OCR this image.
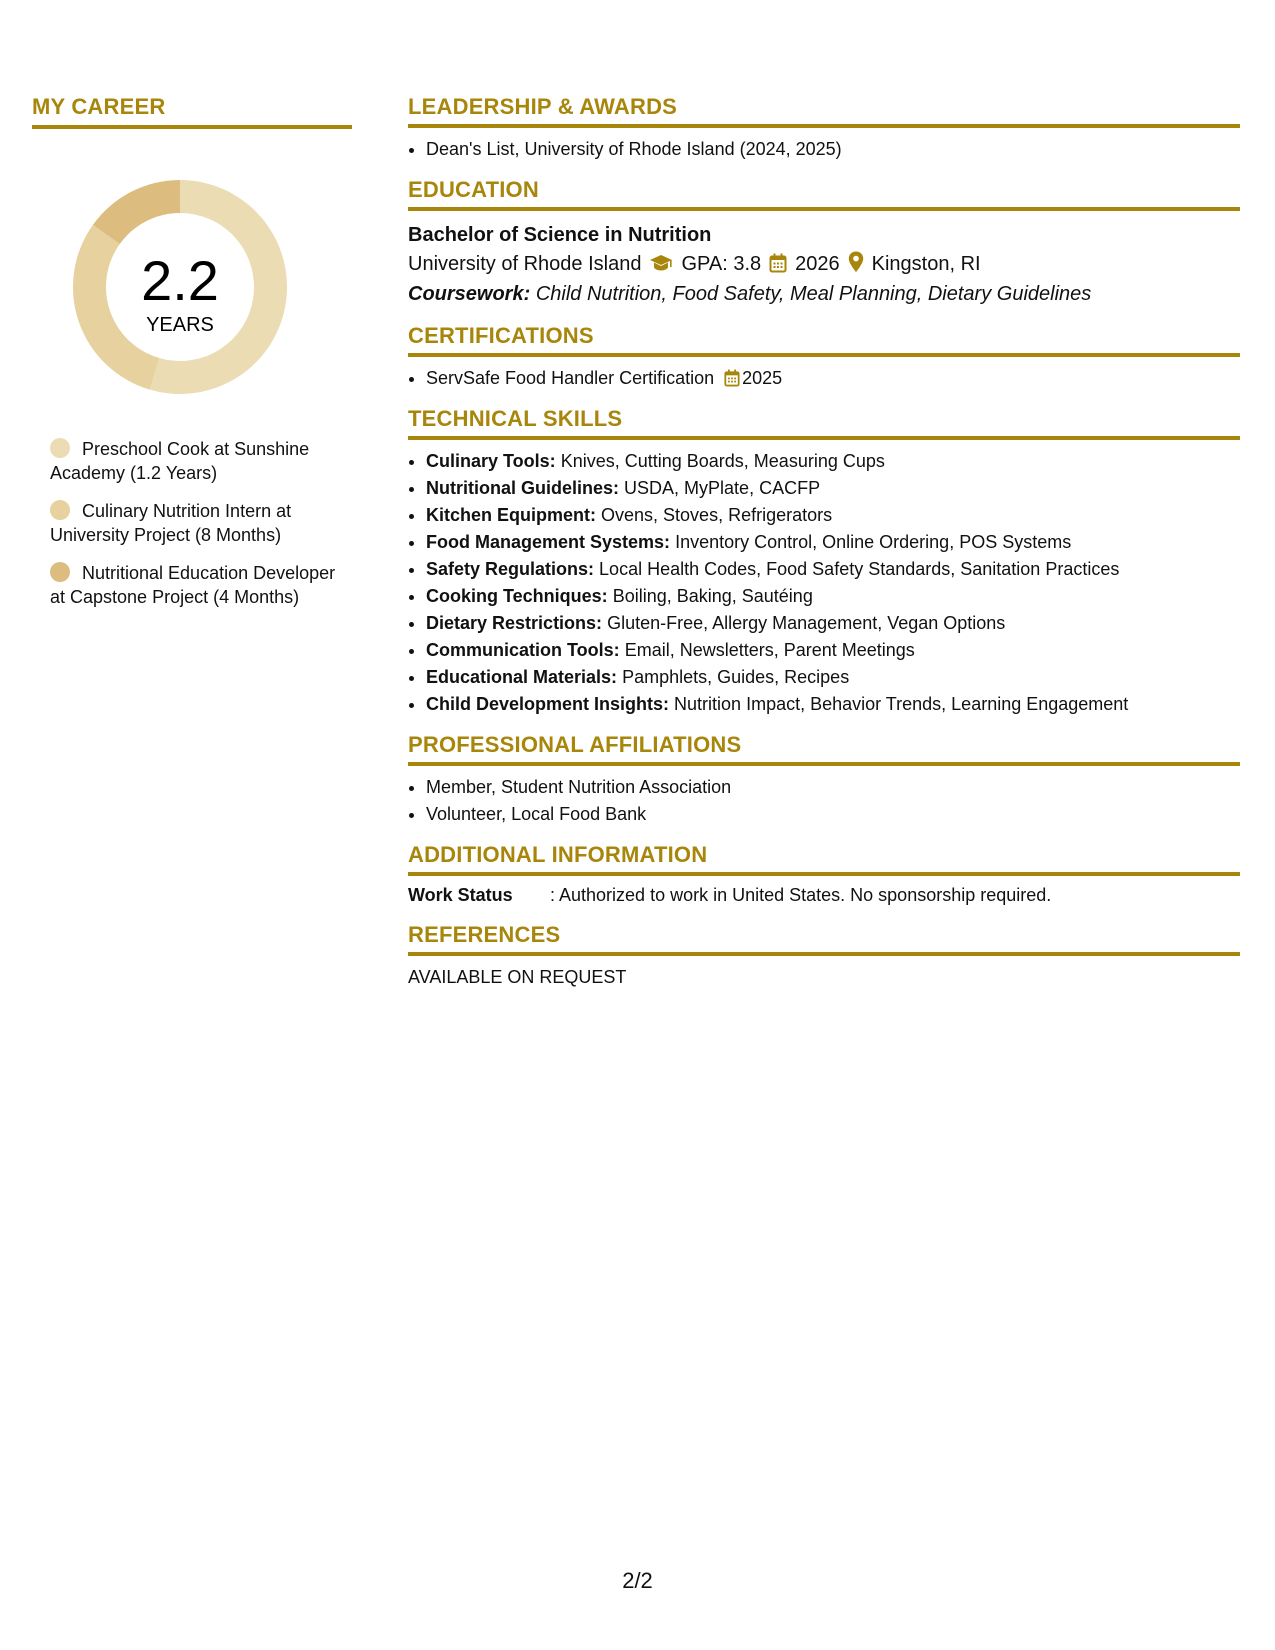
MY CAREER
2.2
YEARS
Preschool Cook at Sunshine Academy (1.2 Years)
Culinary Nutrition Intern at University Project (8 Months)
Nutritional Education Developer at Capstone Project (4 Months)
LEADERSHIP & AWARDS
• Dean's List, University of Rhode Island (2024, 2025)
EDUCATION
Bachelor of Science in Nutrition
University of Rhode Island GPA: 3.8 2026 Kingston, RI
Coursework: Child Nutrition, Food Safety, Meal Planning, Dietary Guidelines
CERTIFICATIONS
• ServSafe Food Handler Certification 2025
TECHNICAL SKILLS
• Culinary Tools: Knives, Cutting Boards, Measuring Cups
• Nutritional Guidelines: USDA, MyPlate, CACFP
• Kitchen Equipment: Ovens, Stoves, Refrigerators
• Food Management Systems: Inventory Control, Online Ordering, POS Systems
• Safety Regulations: Local Health Codes, Food Safety Standards, Sanitation Practices
• Cooking Techniques: Boiling, Baking, Sautéing
• Dietary Restrictions: Gluten-Free, Allergy Management, Vegan Options
• Communication Tools: Email, Newsletters, Parent Meetings
• Educational Materials: Pamphlets, Guides, Recipes
• Child Development Insights: Nutrition Impact, Behavior Trends, Learning Engagement
PROFESSIONAL AFFILIATIONS
• Member, Student Nutrition Association
• Volunteer, Local Food Bank
ADDITIONAL INFORMATION
Work Status : Authorized to work in United States. No sponsorship required.
REFERENCES
AVAILABLE ON REQUEST
2/2
